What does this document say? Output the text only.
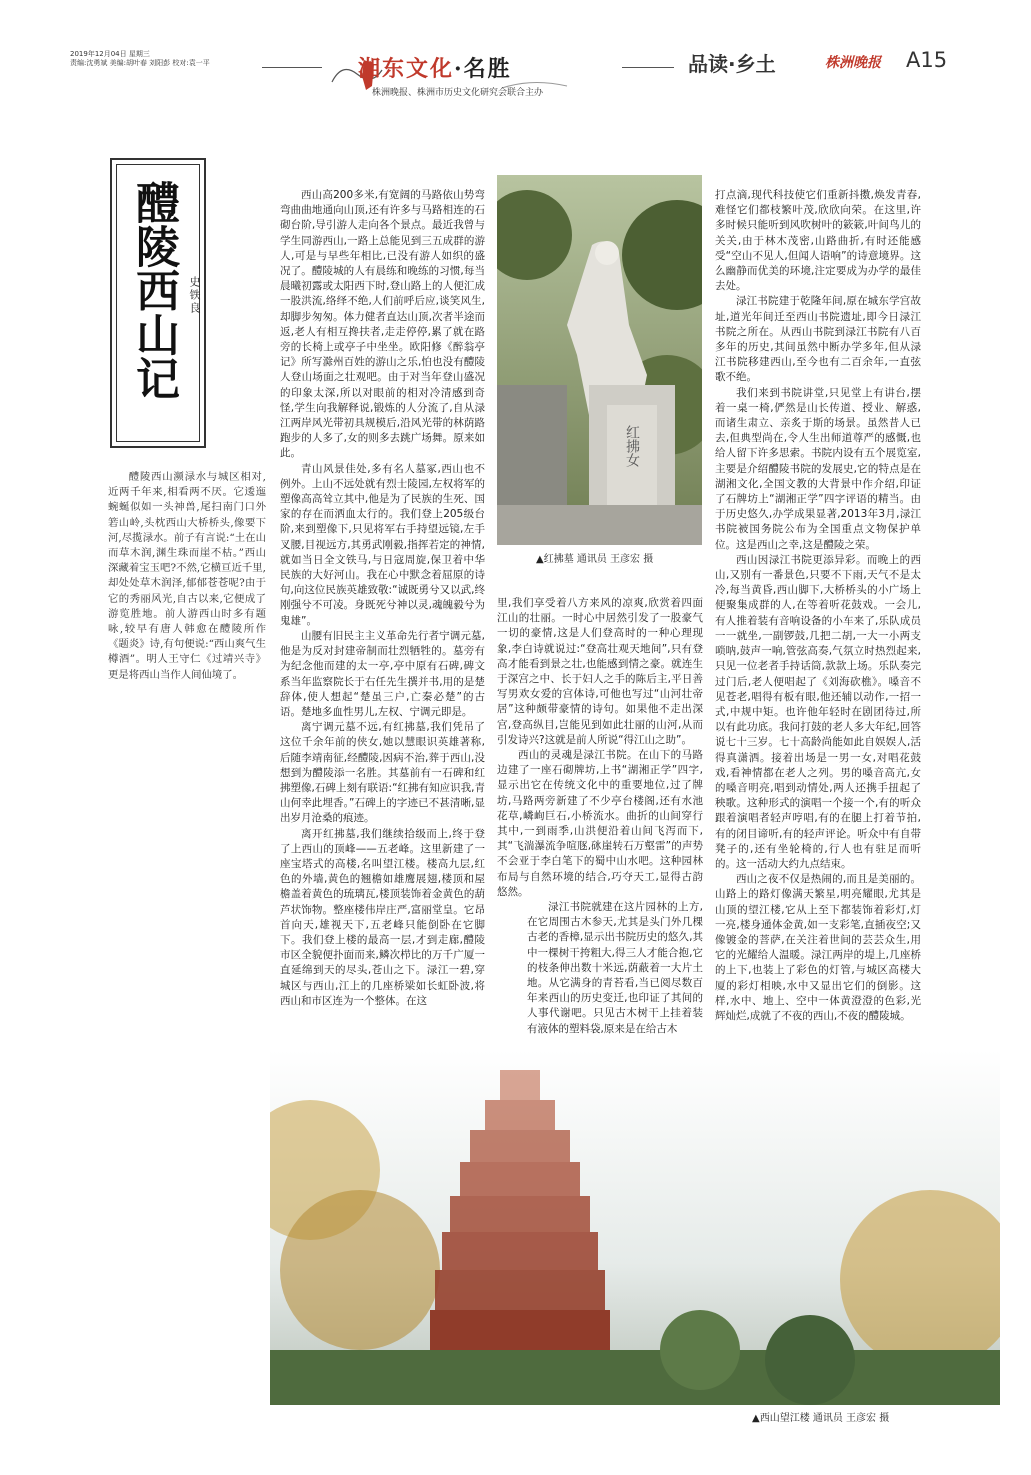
2019年12月04日 星期三
责编:沈勇斌 美编:胡叶春 刘阳彭 校对:袁一平	湘东文化·名胜
株洲晚报、株洲市历史文化研究会联合主办
品读·乡土	株洲晚报 A15
醴陵西山记 史铁良
醴陵西山濒渌水与城区相对,近两千年来,相看两不厌。它逶迤蜿蜒似如一头神兽,尾扫南门口外箬山岭,头枕西山大桥桥头,像要下河,尽揽渌水。前子有言说:“土在山而草木润,渊生珠而崖不枯。”西山深藏着宝玉吧?不然,它横亘近千里,却处处草木润泽,郁郁苍苍呢?由于它的秀丽风光,自古以来,它便成了游览胜地。前人游西山时多有题咏,较早有唐人韩愈在醴陵所作《题炎》诗,有句便说:“西山爽气生樽酒”。明人王守仁《过靖兴寺》更是将西山当作人间仙境了。

西山高200多米,有宽阔的马路依山势弯弯曲曲地通向山顶,还有许多与马路相连的石砌台阶,导引游人走向各个景点。最近我曾与学生同游西山,一路上总能见到三五成群的游人,可是与早些年相比,已没有游人如织的盛况了。醴陵城的人有晨练和晚练的习惯,每当晨曦初露或太阳西下时,登山路上的人便汇成一股洪流,络绎不绝,人们前呼后应,谈笑风生,却脚步匆匆。体力健者直达山顶,次者半途而返,老人有相互搀扶者,走走停停,累了就在路旁的长椅上或亭子中坐坐。欧阳修《醉翁亭记》所写滁州百姓的游山之乐,怕也没有醴陵人登山场面之壮观吧。由于对当年登山盛况的印象太深,所以对眼前的相对冷清感到奇怪,学生向我解释说,锻炼的人分流了,自从渌江两岸风光带初具规模后,沿风光带的林荫路跑步的人多了,女的则多去跳广场舞。原来如此。

青山风景佳处,多有名人墓冢,西山也不例外。上山不远处就有烈士陵园,左权将军的塑像高高耸立其中,他是为了民族的生死、国家的存在而洒血太行的。我们登上205级台阶,来到塑像下,只见将军右手持望远镜,左手叉腰,目视远方,其勇武刚毅,指挥若定的神情,就如当日全文铁马,与日寇周旋,保卫着中华民族的大好河山。我在心中默念着屈原的诗句,向这位民族英雄致敬:“诚既勇兮又以武,终刚强兮不可凌。身既死兮神以灵,魂魄毅兮为鬼雄”。

山腰有旧民主主义革命先行者宁调元墓,他是为反对封建帝制而壮烈牺牲的。墓旁有为纪念他而建的太一亭,亭中原有石碑,碑文系当年监察院长于右任先生撰并书,用的是楚辞体,使人想起“楚虽三户,亡秦必楚”的古语。楚地多血性男儿,左权、宁调元即是。

离宁调元墓不远,有红拂墓,我们凭吊了这位千余年前的侠女,她以慧眼识英雄著称,后随李靖南征,经醴陵,因病不治,葬于西山,没想到为醴陵添一名胜。其墓前有一石碑和红拂塑像,石碑上刻有联语:“红拂有知应识我,青山何幸此埋香。”石碑上的字迹已不甚清晰,显出岁月沧桑的痕迹。

离开红拂墓,我们继续拾级而上,终于登了上西山的顶峰——五老峰。这里新建了一座宝塔式的高楼,名叫望江楼。楼高九层,红色的外墙,黄色的翘檐如雄鹰展翅,楼顶和屋檐盖着黄色的琉璃瓦,楼顶装饰着金黄色的葫芦状饰物。整座楼伟岸庄严,富丽堂皇。它昂首向天,雄视天下,五老峰只能倒卧在它脚下。我们登上楼的最高一层,才到走廊,醴陵市区全貌便扑面而来,鳞次栉比的万千广厦一直延绵到天的尽头,苍山之下。渌江一碧,穿城区与西山,江上的几座桥梁如长虹卧波,将西山和市区连为一个整体。在这

红拂女
▲红拂墓 通讯员 王彦宏 摄

里,我们享受着八方来风的凉爽,欣赏着四面江山的壮丽。一时心中居然引发了一股豪气一切的豪情,这是人们登高时的一种心理现象,李白诗就说过:“登高壮观天地间”,只有登高才能看到景之壮,也能感到情之豪。就连生于深宫之中、长于妇人之手的陈后主,平日善写男欢女爱的宫体诗,可他也写过“山河壮帝居”这种颇带豪情的诗句。如果他不走出深宫,登高纵目,岂能见到如此壮丽的山河,从而引发诗兴?这就是前人所说“得江山之助”。

西山的灵魂是渌江书院。在山下的马路边建了一座石砌牌坊,上书“湖湘正学”四字,显示出它在传统文化中的重要地位,过了牌坊,马路两旁新建了不少亭台楼阁,还有水池花草,嶙峋巨石,小桥流水。曲折的山间穿行其中,一到雨季,山洪便沿着山间飞泻而下,其“飞湍瀑流争喧豗,砯崖转石万壑雷”的声势不会亚于李白笔下的蜀中山水吧。这种园林布局与自然环境的结合,巧夺天工,显得古韵悠然。

渌江书院就建在这片园林的上方,在它周围古木参天,尤其是头门外几棵古老的香樟,显示出书院历史的悠久,其中一棵树干挎粗大,得三人才能合抱,它的枝条伸出数十米远,荫蔽着一大片土地。从它满身的青苔看,当已阅尽数百年来西山的历史变迁,也印证了其间的人事代谢吧。只见古木树干上挂着装有液体的塑料袋,原来是在给古木

打点滴,现代科技使它们重新抖擞,焕发青春,难怪它们都枝繁叶茂,欣欣向荣。在这里,许多时候只能听到风吹树叶的簌簌,叶间鸟儿的关关,由于林木茂密,山路曲折,有时还能感受“空山不见人,但闻人语响”的诗意境界。这么幽静而优美的环境,注定要成为办学的最佳去处。

渌江书院建于乾隆年间,原在城东学宫故址,道光年间迁至西山书院遗址,即今日渌江书院之所在。从西山书院到渌江书院有八百多年的历史,其间虽然中断办学多年,但从渌江书院移建西山,至今也有二百余年,一直弦歌不绝。

我们来到书院讲堂,只见堂上有讲台,摆着一桌一椅,俨然是山长传道、授业、解惑,而诸生肃立、亲炙于斯的场景。虽然昔人已去,但典型尚在,令人生出师道尊严的感慨,也给人留下许多思索。书院内设有五个展览室,主要是介绍醴陵书院的发展史,它的特点是在湖湘文化,全国文教的大背景中作介绍,印证了石牌坊上“湖湘正学”四字评语的精当。由于历史悠久,办学成果显著,2013年3月,渌江书院被国务院公布为全国重点文物保护单位。这是西山之幸,这是醴陵之荣。

西山因渌江书院更添异彩。而晚上的西山,又别有一番景色,只要不下雨,天气不是太冷,每当黄昏,西山脚下,大桥桥头的小广场上便聚集成群的人,在等着听花鼓戏。一会儿,有人推着装有音响设备的小车来了,乐队成员一一就坐,一副锣鼓,几把二胡,一大一小两支唢呐,鼓声一响,管弦高奏,气氛立时热烈起来,只见一位老者手持话筒,款款上场。乐队奏完过门后,老人便唱起了《刘海砍樵》。嗓音不见苍老,唱得有板有眼,他还辅以动作,一招一式,中规中矩。也许他年轻时在剧团待过,所以有此功底。我问打鼓的老人多大年纪,回答说七十三岁。七十高龄尚能如此自娱娱人,活得真潇洒。接着出场是一男一女,对唱花鼓戏,看神情都在老人之列。男的嗓音高亢,女的嗓音明亮,唱到动情处,两人还携手扭起了秧歌。这种形式的演唱一个接一个,有的听众跟着演唱者轻声哼唱,有的在腿上打着节拍,有的闭目谛听,有的轻声评论。听众中有自带凳子的,还有坐轮椅的,行人也有驻足而听的。这一活动大约九点结束。

西山之夜不仅是热闹的,而且是美丽的。山路上的路灯像满天繁星,明亮耀眼,尤其是山顶的望江楼,它从上至下都装饰着彩灯,灯一亮,楼身通体金黄,如一支彩笔,直插夜空;又像镀金的菩萨,在关注着世间的芸芸众生,用它的光耀给人温暖。渌江两岸的堤上,几座桥的上下,也装上了彩色的灯管,与城区高楼大厦的彩灯相映,水中又显出它们的倒影。这样,水中、地上、空中一体黄澄澄的色彩,光辉灿烂,成就了不夜的西山,不夜的醴陵城。

▲西山望江楼 通讯员 王彦宏 摄
